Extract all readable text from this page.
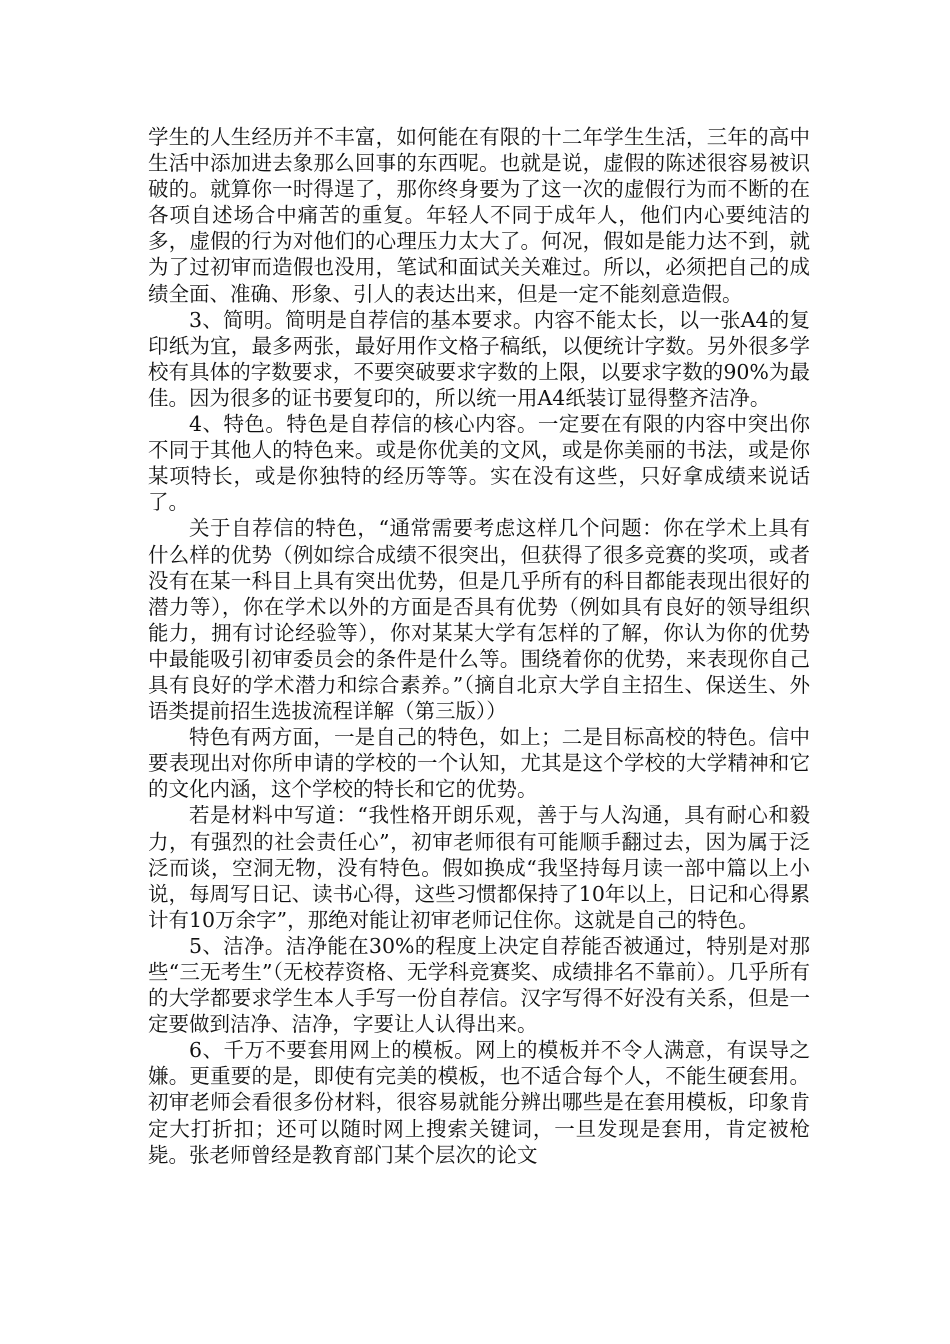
学生的人生经历并不丰富，如何能在有限的十二年学生生活，三年的高中生活中添加进去象那么回事的东西呢。也就是说，虚假的陈述很容易被识破的。就算你一时得逞了，那你终身要为了这一次的虚假行为而不断的在各项自述场合中痛苦的重复。年轻人不同于成年人，他们内心要纯洁的多，虚假的行为对他们的心理压力太大了。何况，假如是能力达不到，就为了过初审而造假也没用，笔试和面试关关难过。所以，必须把自己的成绩全面、准确、形象、引人的表达出来，但是一定不能刻意造假。

3、简明。简明是自荐信的基本要求。内容不能太长，以一张A4的复印纸为宜，最多两张，最好用作文格子稿纸，以便统计字数。另外很多学校有具体的字数要求，不要突破要求字数的上限，以要求字数的90%为最佳。因为很多的证书要复印的，所以统一用A4纸装订显得整齐洁净。

4、特色。特色是自荐信的核心内容。一定要在有限的内容中突出你不同于其他人的特色来。或是你优美的文风，或是你美丽的书法，或是你某项特长，或是你独特的经历等等。实在没有这些，只好拿成绩来说话了。

关于自荐信的特色，“通常需要考虑这样几个问题：你在学术上具有什么样的优势（例如综合成绩不很突出，但获得了很多竞赛的奖项，或者没有在某一科目上具有突出优势，但是几乎所有的科目都能表现出很好的潜力等），你在学术以外的方面是否具有优势（例如具有良好的领导组织能力，拥有讨论经验等），你对某某大学有怎样的了解，你认为你的优势中最能吸引初审委员会的条件是什么等。围绕着你的优势，来表现你自己具有良好的学术潜力和综合素养。”（摘自北京大学自主招生、保送生、外语类提前招生选拔流程详解（第三版））

特色有两方面，一是自己的特色，如上；二是目标高校的特色。信中要表现出对你所申请的学校的一个认知，尤其是这个学校的大学精神和它的文化内涵，这个学校的特长和它的优势。

若是材料中写道：“我性格开朗乐观，善于与人沟通，具有耐心和毅力，有强烈的社会责任心”，初审老师很有可能顺手翻过去，因为属于泛泛而谈，空洞无物，没有特色。假如换成“我坚持每月读一部中篇以上小说，每周写日记、读书心得，这些习惯都保持了10年以上，日记和心得累计有10万余字”，那绝对能让初审老师记住你。这就是自己的特色。

5、洁净。洁净能在30%的程度上决定自荐能否被通过，特别是对那些“三无考生”（无校荐资格、无学科竞赛奖、成绩排名不靠前）。几乎所有的大学都要求学生本人手写一份自荐信。汉字写得不好没有关系，但是一定要做到洁净、洁净，字要让人认得出来。

6、千万不要套用网上的模板。网上的模板并不令人满意，有误导之嫌。更重要的是，即使有完美的模板，也不适合每个人，不能生硬套用。初审老师会看很多份材料，很容易就能分辨出哪些是在套用模板，印象肯定大打折扣；还可以随时网上搜索关键词，一旦发现是套用，肯定被枪毙。张老师曾经是教育部门某个层次的论文
